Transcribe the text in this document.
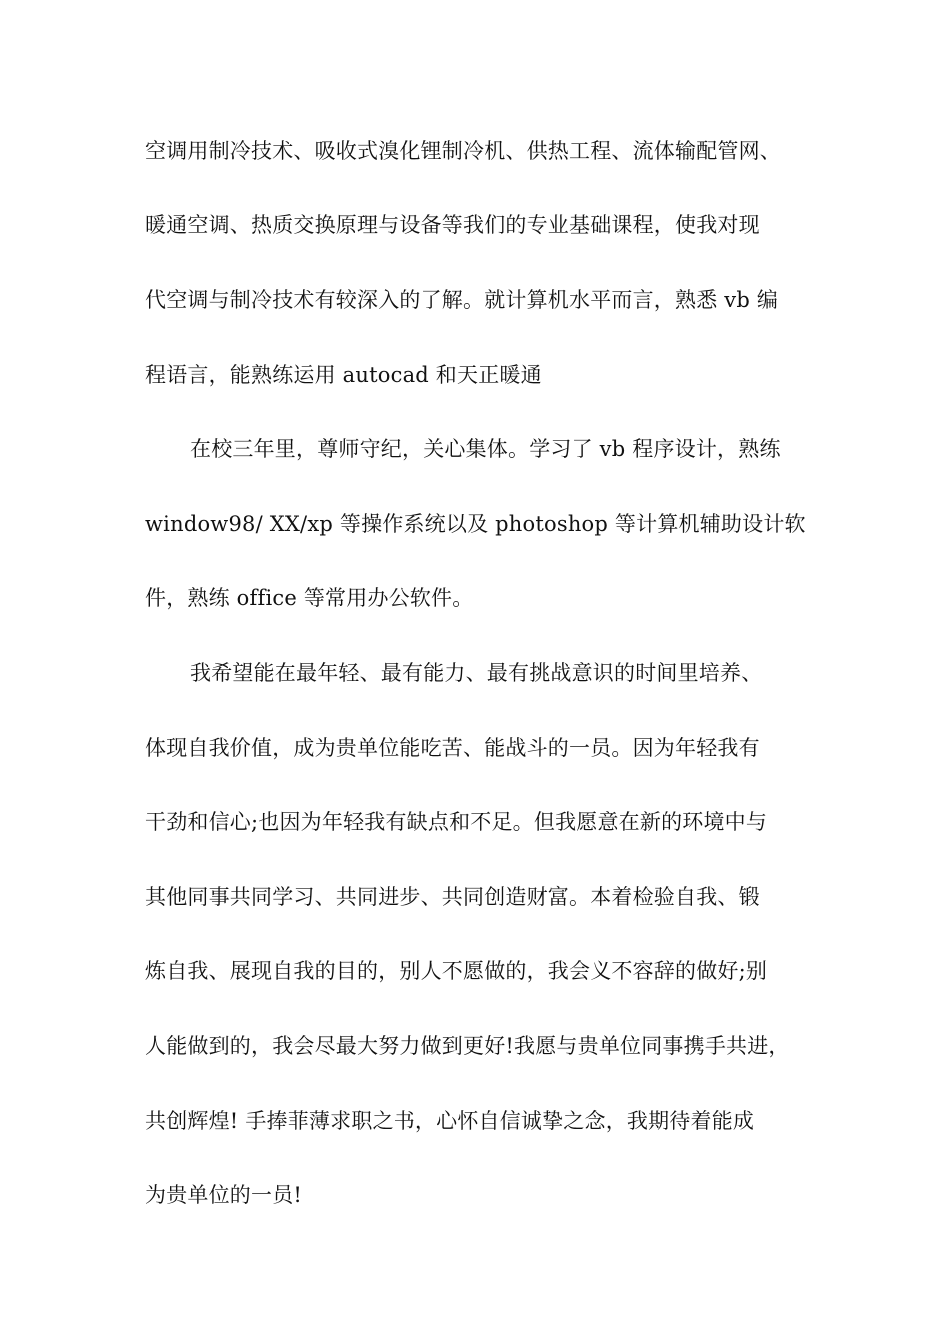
空调用制冷技术、吸收式溴化锂制冷机、供热工程、流体输配管网、
暖通空调、热质交换原理与设备等我们的专业基础课程，使我对现
代空调与制冷技术有较深入的了解。就计算机水平而言，熟悉 vb 编
程语言，能熟练运用 autocad 和天正暖通
在校三年里，尊师守纪，关心集体。学习了 vb 程序设计，熟练
window98/ XX/xp 等操作系统以及 photoshop 等计算机辅助设计软
件，熟练 office 等常用办公软件。
我希望能在最年轻、最有能力、最有挑战意识的时间里培养、
体现自我价值，成为贵单位能吃苦、能战斗的一员。因为年轻我有
干劲和信心;也因为年轻我有缺点和不足。但我愿意在新的环境中与
其他同事共同学习、共同进步、共同创造财富。本着检验自我、锻
炼自我、展现自我的目的，别人不愿做的，我会义不容辞的做好;别
人能做到的，我会尽最大努力做到更好!我愿与贵单位同事携手共进，
共创辉煌! 手捧菲薄求职之书，心怀自信诚挚之念，我期待着能成
为贵单位的一员!
